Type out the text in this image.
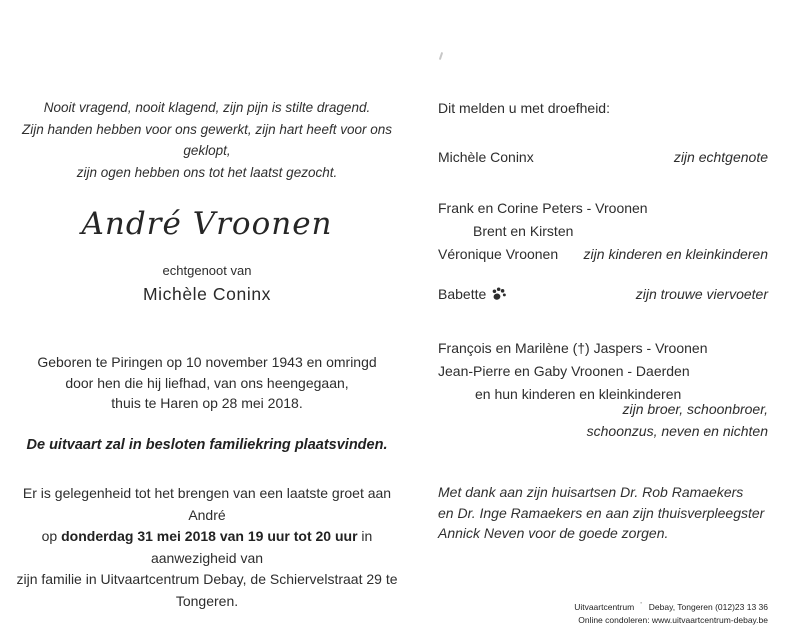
Nooit vragend, nooit klagend, zijn pijn is stilte dragend.
Zijn handen hebben voor ons gewerkt, zijn hart heeft voor ons geklopt,
zijn ogen hebben ons tot het laatst gezocht.
André Vroonen
echtgenoot van
Michèle Coninx
Geboren te Piringen op 10 november 1943 en omringd
door hen die hij liefhad, van ons heengegaan,
thuis te Haren op 28 mei 2018.
De uitvaart zal in besloten familiekring plaatsvinden.
Er is gelegenheid tot het brengen van een laatste groet aan André
op donderdag 31 mei 2018 van 19 uur tot 20 uur in aanwezigheid van
zijn familie in Uitvaartcentrum Debay, de Schiervelstraat 29 te Tongeren.
Dit melden u met droefheid:
Michèle Coninx	zijn echtgenote
Frank en Corine Peters - Vroonen
Brent en Kirsten
Véronique Vroonen zijn kinderen en kleinkinderen
Babette	zijn trouwe viervoeter
François en Marilène (†) Jaspers - Vroonen
Jean-Pierre en Gaby Vroonen - Daerden
en hun kinderen en kleinkinderen
zijn broer, schoonbroer,
schoonzus, neven en nichten
Met dank aan zijn huisartsen Dr. Rob Ramaekers
en Dr. Inge Ramaekers en aan zijn thuisverpleegster
Annick Neven voor de goede zorgen.
Uitvaartcentrum ’ Debay, Tongeren (012)23 13 36
Online condoleren: www.uitvaartcentrum-debay.be
